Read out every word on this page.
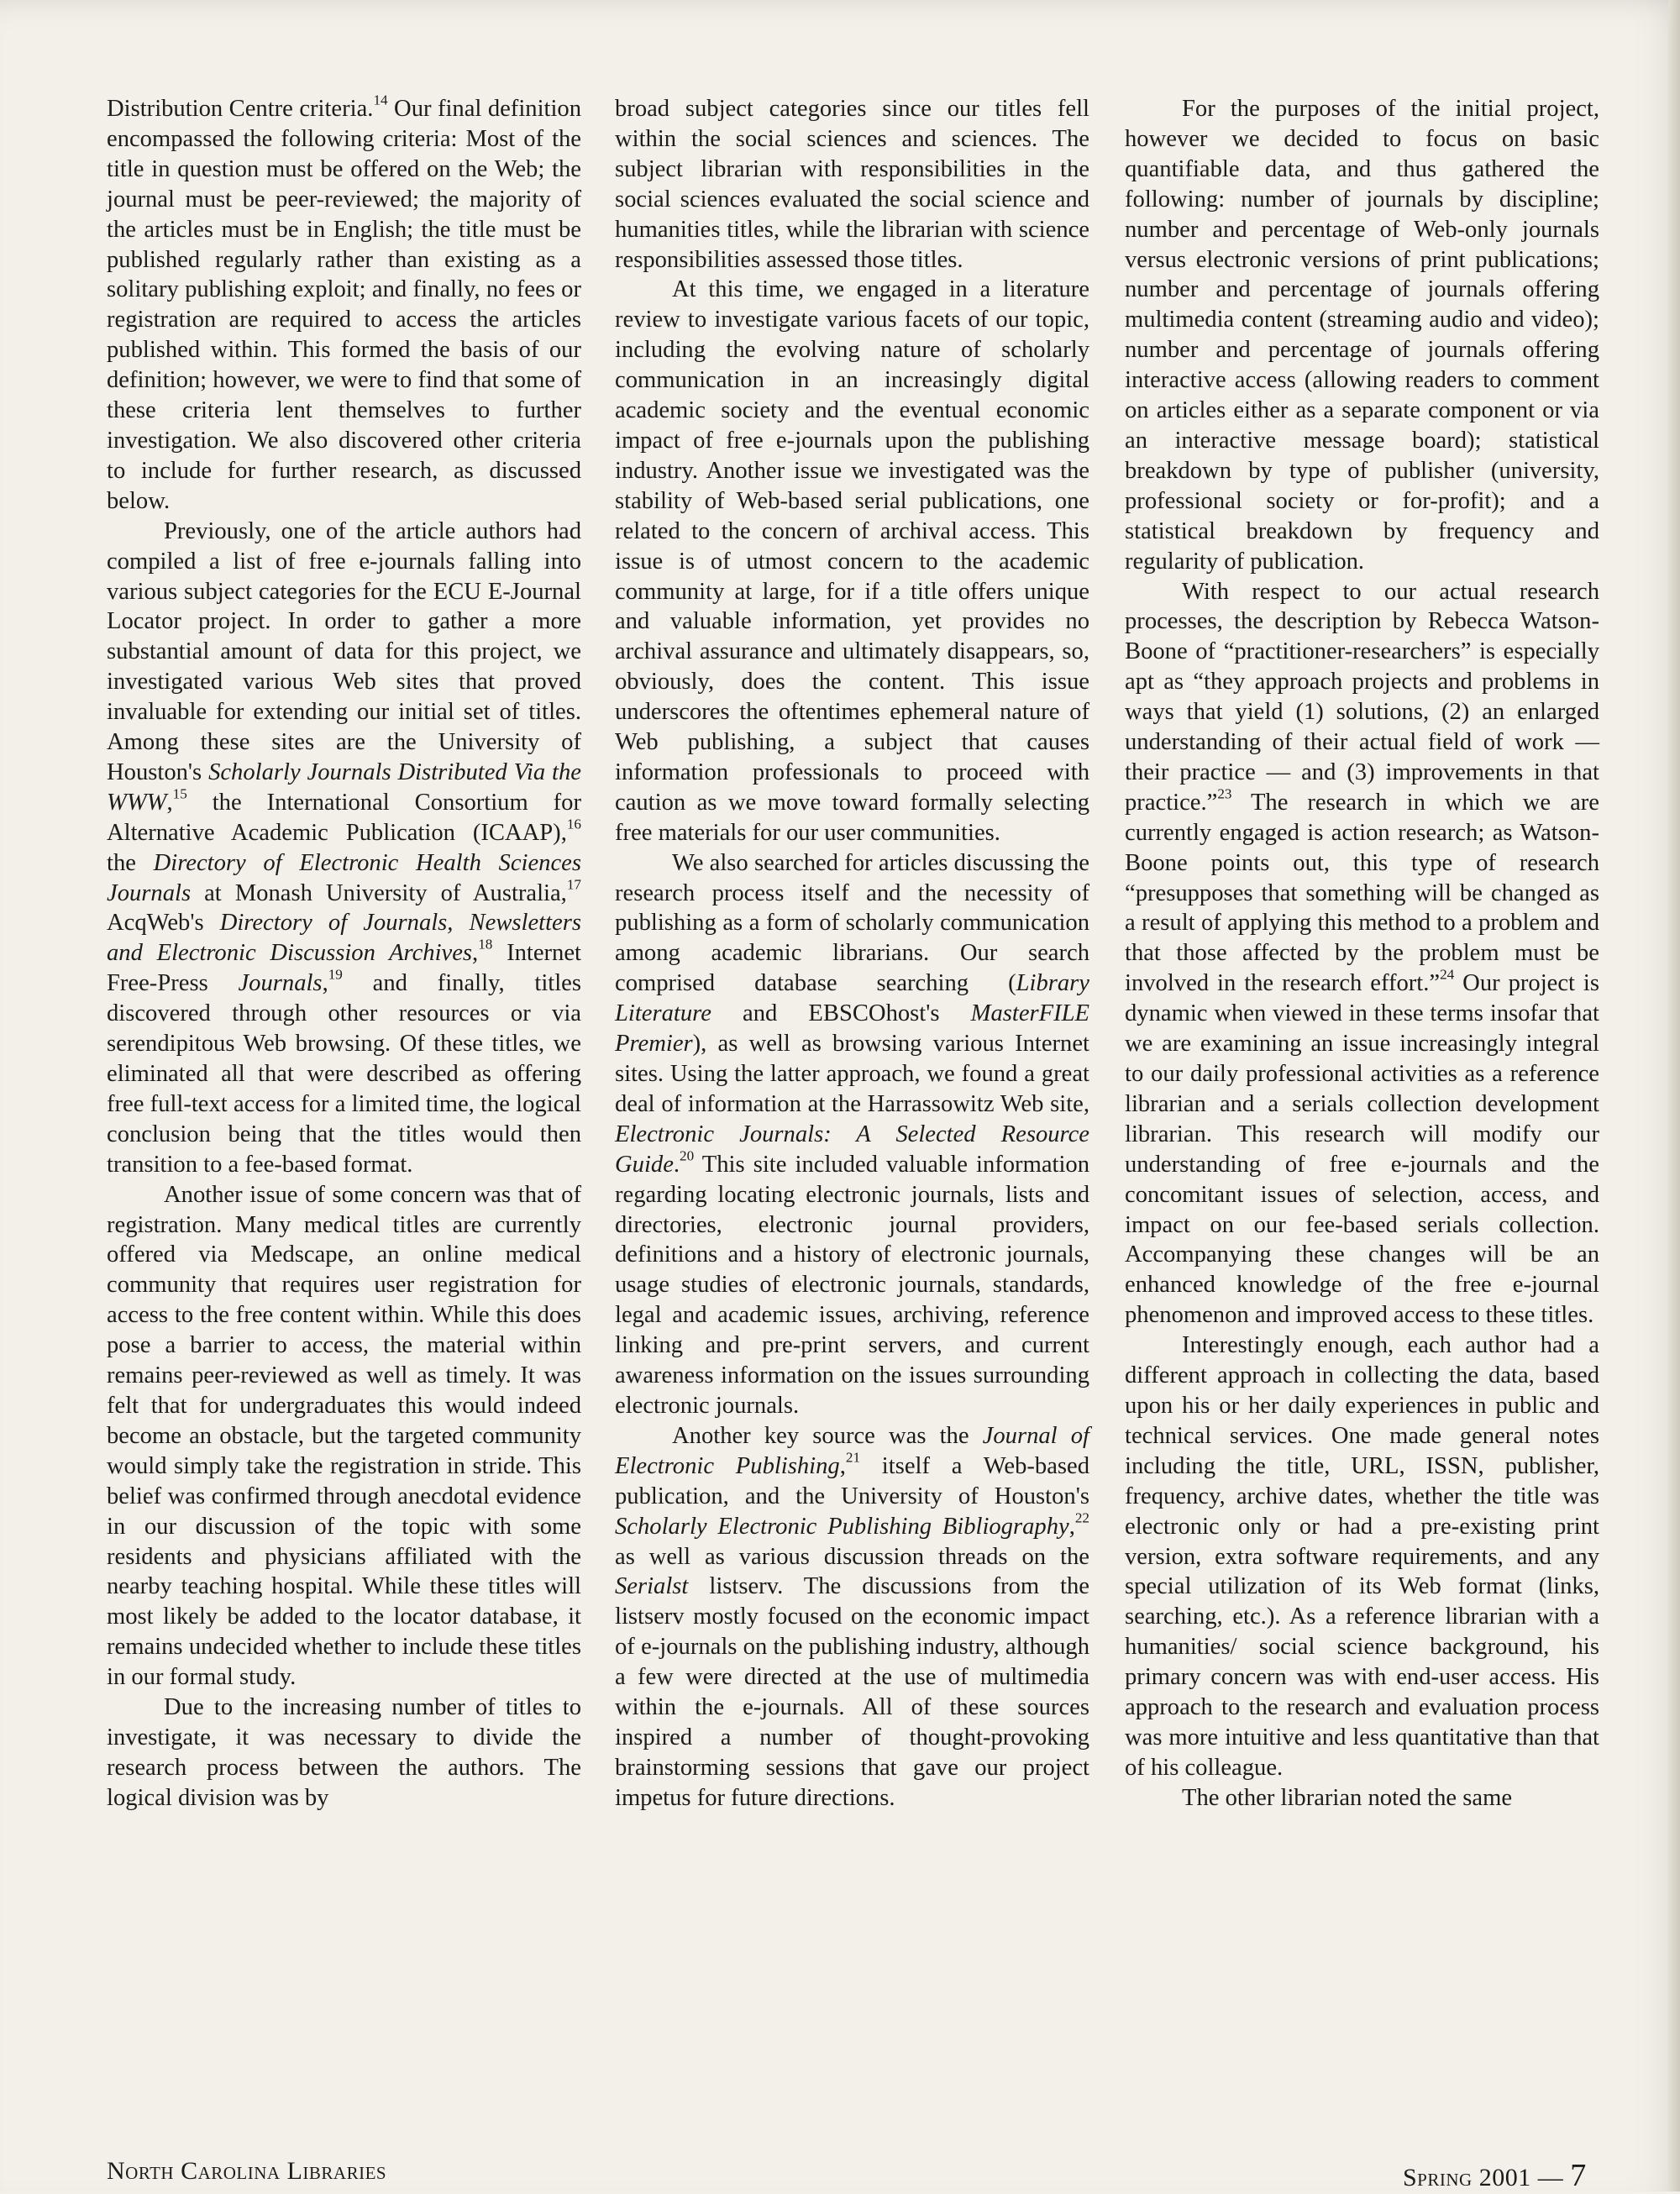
Distribution Centre criteria.$^{14}$ Our final definition encompassed the following criteria: Most of the title in question must be offered on the Web; the journal must be peer-reviewed; the majority of the articles must be in English; the title must be published regularly rather than existing as a solitary publishing exploit; and finally, no fees or registration are required to access the articles published within. This formed the basis of our definition; however, we were to find that some of these criteria lent themselves to further investigation. We also discovered other criteria to include for further research, as discussed below.

Previously, one of the article authors had compiled a list of free e-journals falling into various subject categories for the ECU E-Journal Locator project. In order to gather a more substantial amount of data for this project, we investigated various Web sites that proved invaluable for extending our initial set of titles. Among these sites are the University of Houston's Scholarly Journals Distributed Via the WWW,$^{15}$ the International Consortium for Alternative Academic Publication (ICAAP),$^{16}$ the Directory of Electronic Health Sciences Journals at Monash University of Australia,$^{17}$ AcqWeb's Directory of Journals, Newsletters and Electronic Discussion Archives,$^{18}$ Internet Free-Press Journals,$^{19}$ and finally, titles discovered through other resources or via serendipitous Web browsing. Of these titles, we eliminated all that were described as offering free full-text access for a limited time, the logical conclusion being that the titles would then transition to a fee-based format.

Another issue of some concern was that of registration. Many medical titles are currently offered via Medscape, an online medical community that requires user registration for access to the free content within. While this does pose a barrier to access, the material within remains peer-reviewed as well as timely. It was felt that for undergraduates this would indeed become an obstacle, but the targeted community would simply take the registration in stride. This belief was confirmed through anecdotal evidence in our discussion of the topic with some residents and physicians affiliated with the nearby teaching hospital. While these titles will most likely be added to the locator database, it remains undecided whether to include these titles in our formal study.

Due to the increasing number of titles to investigate, it was necessary to divide the research process between the authors. The logical division was by

broad subject categories since our titles fell within the social sciences and sciences. The subject librarian with responsibilities in the social sciences evaluated the social science and humanities titles, while the librarian with science responsibilities assessed those titles.

At this time, we engaged in a literature review to investigate various facets of our topic, including the evolving nature of scholarly communication in an increasingly digital academic society and the eventual economic impact of free e-journals upon the publishing industry. Another issue we investigated was the stability of Web-based serial publications, one related to the concern of archival access. This issue is of utmost concern to the academic community at large, for if a title offers unique and valuable information, yet provides no archival assurance and ultimately disappears, so, obviously, does the content. This issue underscores the oftentimes ephemeral nature of Web publishing, a subject that causes information professionals to proceed with caution as we move toward formally selecting free materials for our user communities.

We also searched for articles discussing the research process itself and the necessity of publishing as a form of scholarly communication among academic librarians. Our search comprised database searching (Library Literature and EBSCOhost's MasterFILE Premier), as well as browsing various Internet sites. Using the latter approach, we found a great deal of information at the Harrassowitz Web site, Electronic Journals: A Selected Resource Guide.$^{20}$ This site included valuable information regarding locating electronic journals, lists and directories, electronic journal providers, definitions and a history of electronic journals, usage studies of electronic journals, standards, legal and academic issues, archiving, reference linking and pre-print servers, and current awareness information on the issues surrounding electronic journals.

Another key source was the Journal of Electronic Publishing,$^{21}$ itself a Web-based publication, and the University of Houston's Scholarly Electronic Publishing Bibliography,$^{22}$ as well as various discussion threads on the Serialst listserv. The discussions from the listserv mostly focused on the economic impact of e-journals on the publishing industry, although a few were directed at the use of multimedia within the e-journals. All of these sources inspired a number of thought-provoking brainstorming sessions that gave our project impetus for future directions.

For the purposes of the initial project, however we decided to focus on basic quantifiable data, and thus gathered the following: number of journals by discipline; number and percentage of Web-only journals versus electronic versions of print publications; number and percentage of journals offering multimedia content (streaming audio and video); number and percentage of journals offering interactive access (allowing readers to comment on articles either as a separate component or via an interactive message board); statistical breakdown by type of publisher (university, professional society or for-profit); and a statistical breakdown by frequency and regularity of publication.

With respect to our actual research processes, the description by Rebecca Watson-Boone of “practitioner-researchers” is especially apt as “they approach projects and problems in ways that yield (1) solutions, (2) an enlarged understanding of their actual field of work — their practice — and (3) improvements in that practice.”$^{23}$ The research in which we are currently engaged is action research; as Watson-Boone points out, this type of research “presupposes that something will be changed as a result of applying this method to a problem and that those affected by the problem must be involved in the research effort.”$^{24}$ Our project is dynamic when viewed in these terms insofar that we are examining an issue increasingly integral to our daily professional activities as a reference librarian and a serials collection development librarian. This research will modify our understanding of free e-journals and the concomitant issues of selection, access, and impact on our fee-based serials collection. Accompanying these changes will be an enhanced knowledge of the free e-journal phenomenon and improved access to these titles.

Interestingly enough, each author had a different approach in collecting the data, based upon his or her daily experiences in public and technical services. One made general notes including the title, URL, ISSN, publisher, frequency, archive dates, whether the title was electronic only or had a pre-existing print version, extra software requirements, and any special utilization of its Web format (links, searching, etc.). As a reference librarian with a humanities/ social science background, his primary concern was with end-user access. His approach to the research and evaluation process was more intuitive and less quantitative than that of his colleague.

The other librarian noted the same

North Carolina Libraries	Spring 2001 — 7
